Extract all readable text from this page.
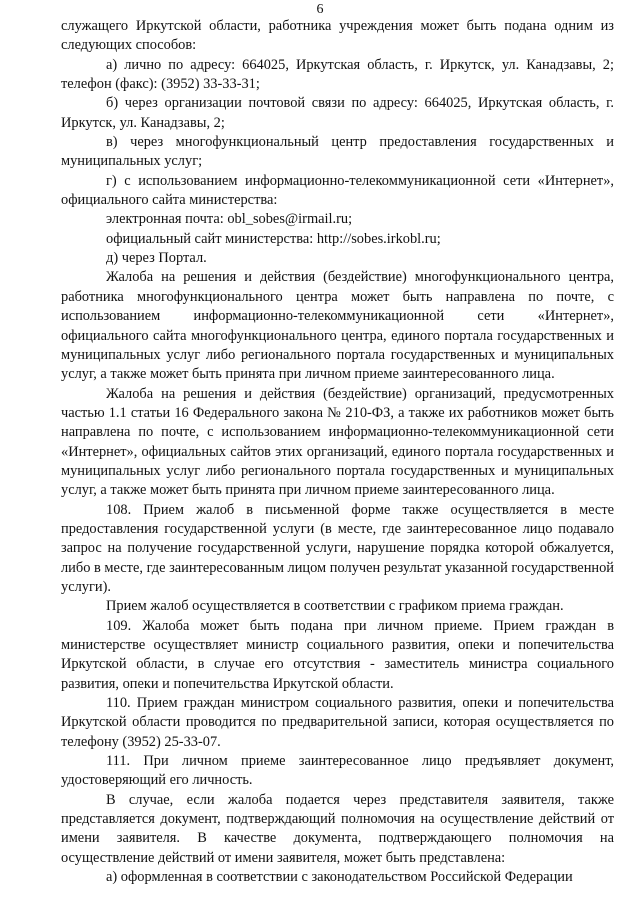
6

служащего Иркутской области, работника учреждения может быть подана одним из следующих способов:

а) лично по адресу: 664025, Иркутская область, г. Иркутск, ул. Канадзавы, 2; телефон (факс): (3952) 33-33-31;

б) через организации почтовой связи по адресу: 664025, Иркутская область, г. Иркутск, ул. Канадзавы, 2;

в) через многофункциональный центр предоставления государственных и муниципальных услуг;

г) с использованием информационно-телекоммуникационной сети «Интернет», официального сайта министерства:

электронная почта: obl_sobes@irmail.ru;

официальный сайт министерства: http://sobes.irkobl.ru;

д) через Портал.

Жалоба на решения и действия (бездействие) многофункционального центра, работника многофункционального центра может быть направлена по почте, с использованием информационно-телекоммуникационной сети «Интернет», официального сайта многофункционального центра, единого портала государственных и муниципальных услуг либо регионального портала государственных и муниципальных услуг, а также может быть принята при личном приеме заинтересованного лица.

Жалоба на решения и действия (бездействие) организаций, предусмотренных частью 1.1 статьи 16 Федерального закона № 210-ФЗ, а также их работников может быть направлена по почте, с использованием информационно-телекоммуникационной сети «Интернет», официальных сайтов этих организаций, единого портала государственных и муниципальных услуг либо регионального портала государственных и муниципальных услуг, а также может быть принята при личном приеме заинтересованного лица.

108. Прием жалоб в письменной форме также осуществляется в месте предоставления государственной услуги (в месте, где заинтересованное лицо подавало запрос на получение государственной услуги, нарушение порядка которой обжалуется, либо в месте, где заинтересованным лицом получен результат указанной государственной услуги).

Прием жалоб осуществляется в соответствии с графиком приема граждан.

109. Жалоба может быть подана при личном приеме. Прием граждан в министерстве осуществляет министр социального развития, опеки и попечительства Иркутской области, в случае его отсутствия - заместитель министра социального развития, опеки и попечительства Иркутской области.

110. Прием граждан министром социального развития, опеки и попечительства Иркутской области проводится по предварительной записи, которая осуществляется по телефону (3952) 25-33-07.

111. При личном приеме заинтересованное лицо предъявляет документ, удостоверяющий его личность.

В случае, если жалоба подается через представителя заявителя, также представляется документ, подтверждающий полномочия на осуществление действий от имени заявителя. В качестве документа, подтверждающего полномочия на осуществление действий от имени заявителя, может быть представлена:

а) оформленная в соответствии с законодательством Российской Федерации
